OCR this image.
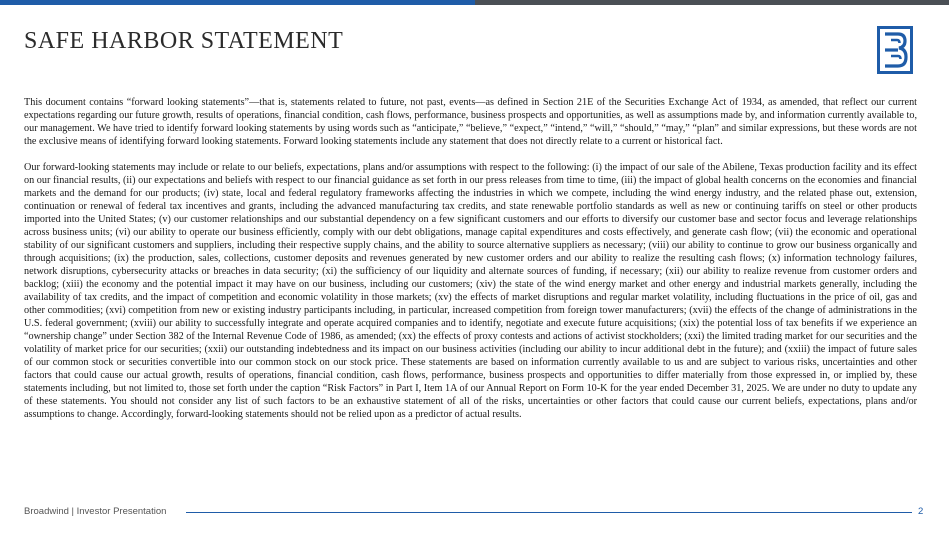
SAFE HARBOR STATEMENT

This document contains “forward looking statements”—that is, statements related to future, not past, events—as defined in Section 21E of the Securities Exchange Act of 1934, as amended, that reflect our current expectations regarding our future growth, results of operations, financial condition, cash flows, performance, business prospects and opportunities, as well as assumptions made by, and information currently available to, our management. We have tried to identify forward looking statements by using words such as “anticipate,” “believe,” “expect,” “intend,” “will,” “should,” “may,” “plan” and similar expressions, but these words are not the exclusive means of identifying forward looking statements. Forward looking statements include any statement that does not directly relate to a current or historical fact.

Our forward-looking statements may include or relate to our beliefs, expectations, plans and/or assumptions with respect to the following: (i) the impact of our sale of the Abilene, Texas production facility and its effect on our financial results, (ii) our expectations and beliefs with respect to our financial guidance as set forth in our press releases from time to time, (iii) the impact of global health concerns on the economies and financial markets and the demand for our products; (iv) state, local and federal regulatory frameworks affecting the industries in which we compete, including the wind energy industry, and the related phase out, extension, continuation or renewal of federal tax incentives and grants, including the advanced manufacturing tax credits, and state renewable portfolio standards as well as new or continuing tariffs on steel or other products imported into the United States; (v) our customer relationships and our substantial dependency on a few significant customers and our efforts to diversify our customer base and sector focus and leverage relationships across business units; (vi) our ability to operate our business efficiently, comply with our debt obligations, manage capital expenditures and costs effectively, and generate cash flow; (vii) the economic and operational stability of our significant customers and suppliers, including their respective supply chains, and the ability to source alternative suppliers as necessary; (viii) our ability to continue to grow our business organically and through acquisitions; (ix) the production, sales, collections, customer deposits and revenues generated by new customer orders and our ability to realize the resulting cash flows; (x) information technology failures, network disruptions, cybersecurity attacks or breaches in data security; (xi) the sufficiency of our liquidity and alternate sources of funding, if necessary; (xii) our ability to realize revenue from customer orders and backlog; (xiii) the economy and the potential impact it may have on our business, including our customers; (xiv) the state of the wind energy market and other energy and industrial markets generally, including the availability of tax credits, and the impact of competition and economic volatility in those markets; (xv) the effects of market disruptions and regular market volatility, including fluctuations in the price of oil, gas and other commodities; (xvi) competition from new or existing industry participants including, in particular, increased competition from foreign tower manufacturers; (xvii) the effects of the change of administrations in the U.S. federal government; (xviii) our ability to successfully integrate and operate acquired companies and to identify, negotiate and execute future acquisitions; (xix) the potential loss of tax benefits if we experience an “ownership change” under Section 382 of the Internal Revenue Code of 1986, as amended; (xx) the effects of proxy contests and actions of activist stockholders; (xxi) the limited trading market for our securities and the volatility of market price for our securities; (xxii) our outstanding indebtedness and its impact on our business activities (including our ability to incur additional debt in the future); and (xxiii) the impact of future sales of our common stock or securities convertible into our common stock on our stock price. These statements are based on information currently available to us and are subject to various risks, uncertainties and other factors that could cause our actual growth, results of operations, financial condition, cash flows, performance, business prospects and opportunities to differ materially from those expressed in, or implied by, these statements including, but not limited to, those set forth under the caption “Risk Factors” in Part I, Item 1A of our Annual Report on Form 10-K for the year ended December 31, 2025. We are under no duty to update any of these statements. You should not consider any list of such factors to be an exhaustive statement of all of the risks, uncertainties or other factors that could cause our current beliefs, expectations, plans and/or assumptions to change. Accordingly, forward-looking statements should not be relied upon as a predictor of actual results.

Broadwind | Investor Presentation	2
